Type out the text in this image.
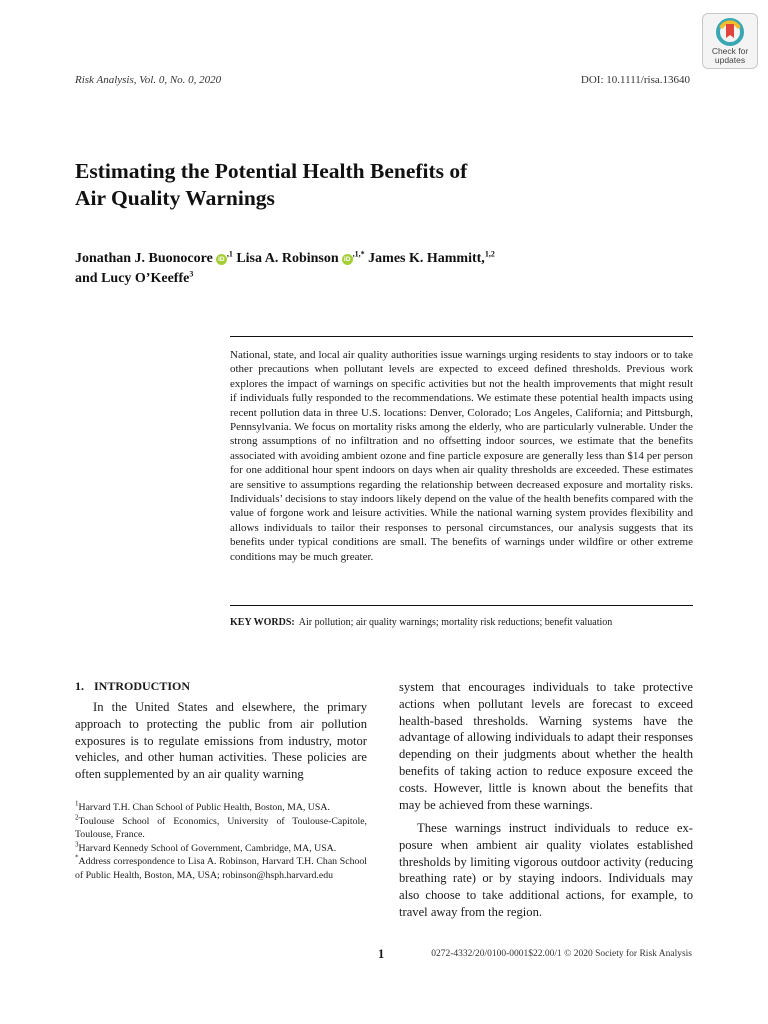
Risk Analysis, Vol. 0, No. 0, 2020	DOI: 10.1111/risa.13640
Check for
updates
Estimating the Potential Health Benefits of
Air Quality Warnings
Jonathan J. Buonocore $iD^{,1}$ Lisa A. Robinson $iD^{,1,*}$ James K. Hammitt,$^{1,2}$
and Lucy O’Keeffe$^3$

National, state, and local air quality authorities issue warnings urging residents to stay indoors or to take other precautions when pollutant levels are expected to exceed defined thresholds. Previous work explores the impact of warnings on specific activities but not the health improvements that might result if individuals fully responded to the recommendations. We estimate these potential health impacts using recent pollution data in three U.S. locations: Denver, Colorado; Los Angeles, California; and Pittsburgh, Pennsylvania. We focus on mortality risks among the elderly, who are particularly vulnerable. Under the strong assumptions of no infiltration and no offsetting indoor sources, we estimate that the benefits associated with avoiding ambient ozone and fine particle exposure are generally less than $14 per person for one additional hour spent indoors on days when air quality thresholds are exceeded. These estimates are sensitive to assumptions regarding the relationship between decreased exposure and mortality risks. Individuals’ decisions to stay indoors likely depend on the value of the health benefits compared with the value of forgone work and leisure activities. While the national warning system provides flexibility and allows individuals to tailor their responses to personal circumstances, our analysis suggests that its benefits under typical conditions are small. The benefits of warnings under wildfire or other extreme conditions may be much greater.

KEY WORDS: Air pollution; air quality warnings; mortality risk reductions; benefit valuation
1. INTRODUCTION

In the United States and elsewhere, the primary approach to protecting the public from air pollution exposures is to regulate emissions from industry, motor vehicles, and other human activities. These policies are often supplemented by an air quality warning

$^1$Harvard T.H. Chan School of Public Health, Boston, MA, USA.

$^2$Toulouse School of Economics, University of Toulouse-Capitole, Toulouse, France.

$^3$Harvard Kennedy School of Government, Cambridge, MA, USA.

*Address correspondence to Lisa A. Robinson, Harvard T.H. Chan School of Public Health, Boston, MA, USA; robinson@hsph.harvard.edu

system that encourages individuals to take protective actions when pollutant levels are forecast to exceed health-based thresholds. Warning systems have the advantage of allowing individuals to adapt their responses depending on their judgments about whether the health benefits of taking action to reduce exposure exceed the costs. However, little is known about the benefits that may be achieved from these warnings.

These warnings instruct individuals to reduce exposure when ambient air quality violates established thresholds by limiting vigorous outdoor activity (reducing breathing rate) or by staying indoors. Individuals may also choose to take additional actions, for example, to travel away from the region.

1	0272-4332/20/0100-0001$22.00/1 © 2020 Society for Risk Analysis
